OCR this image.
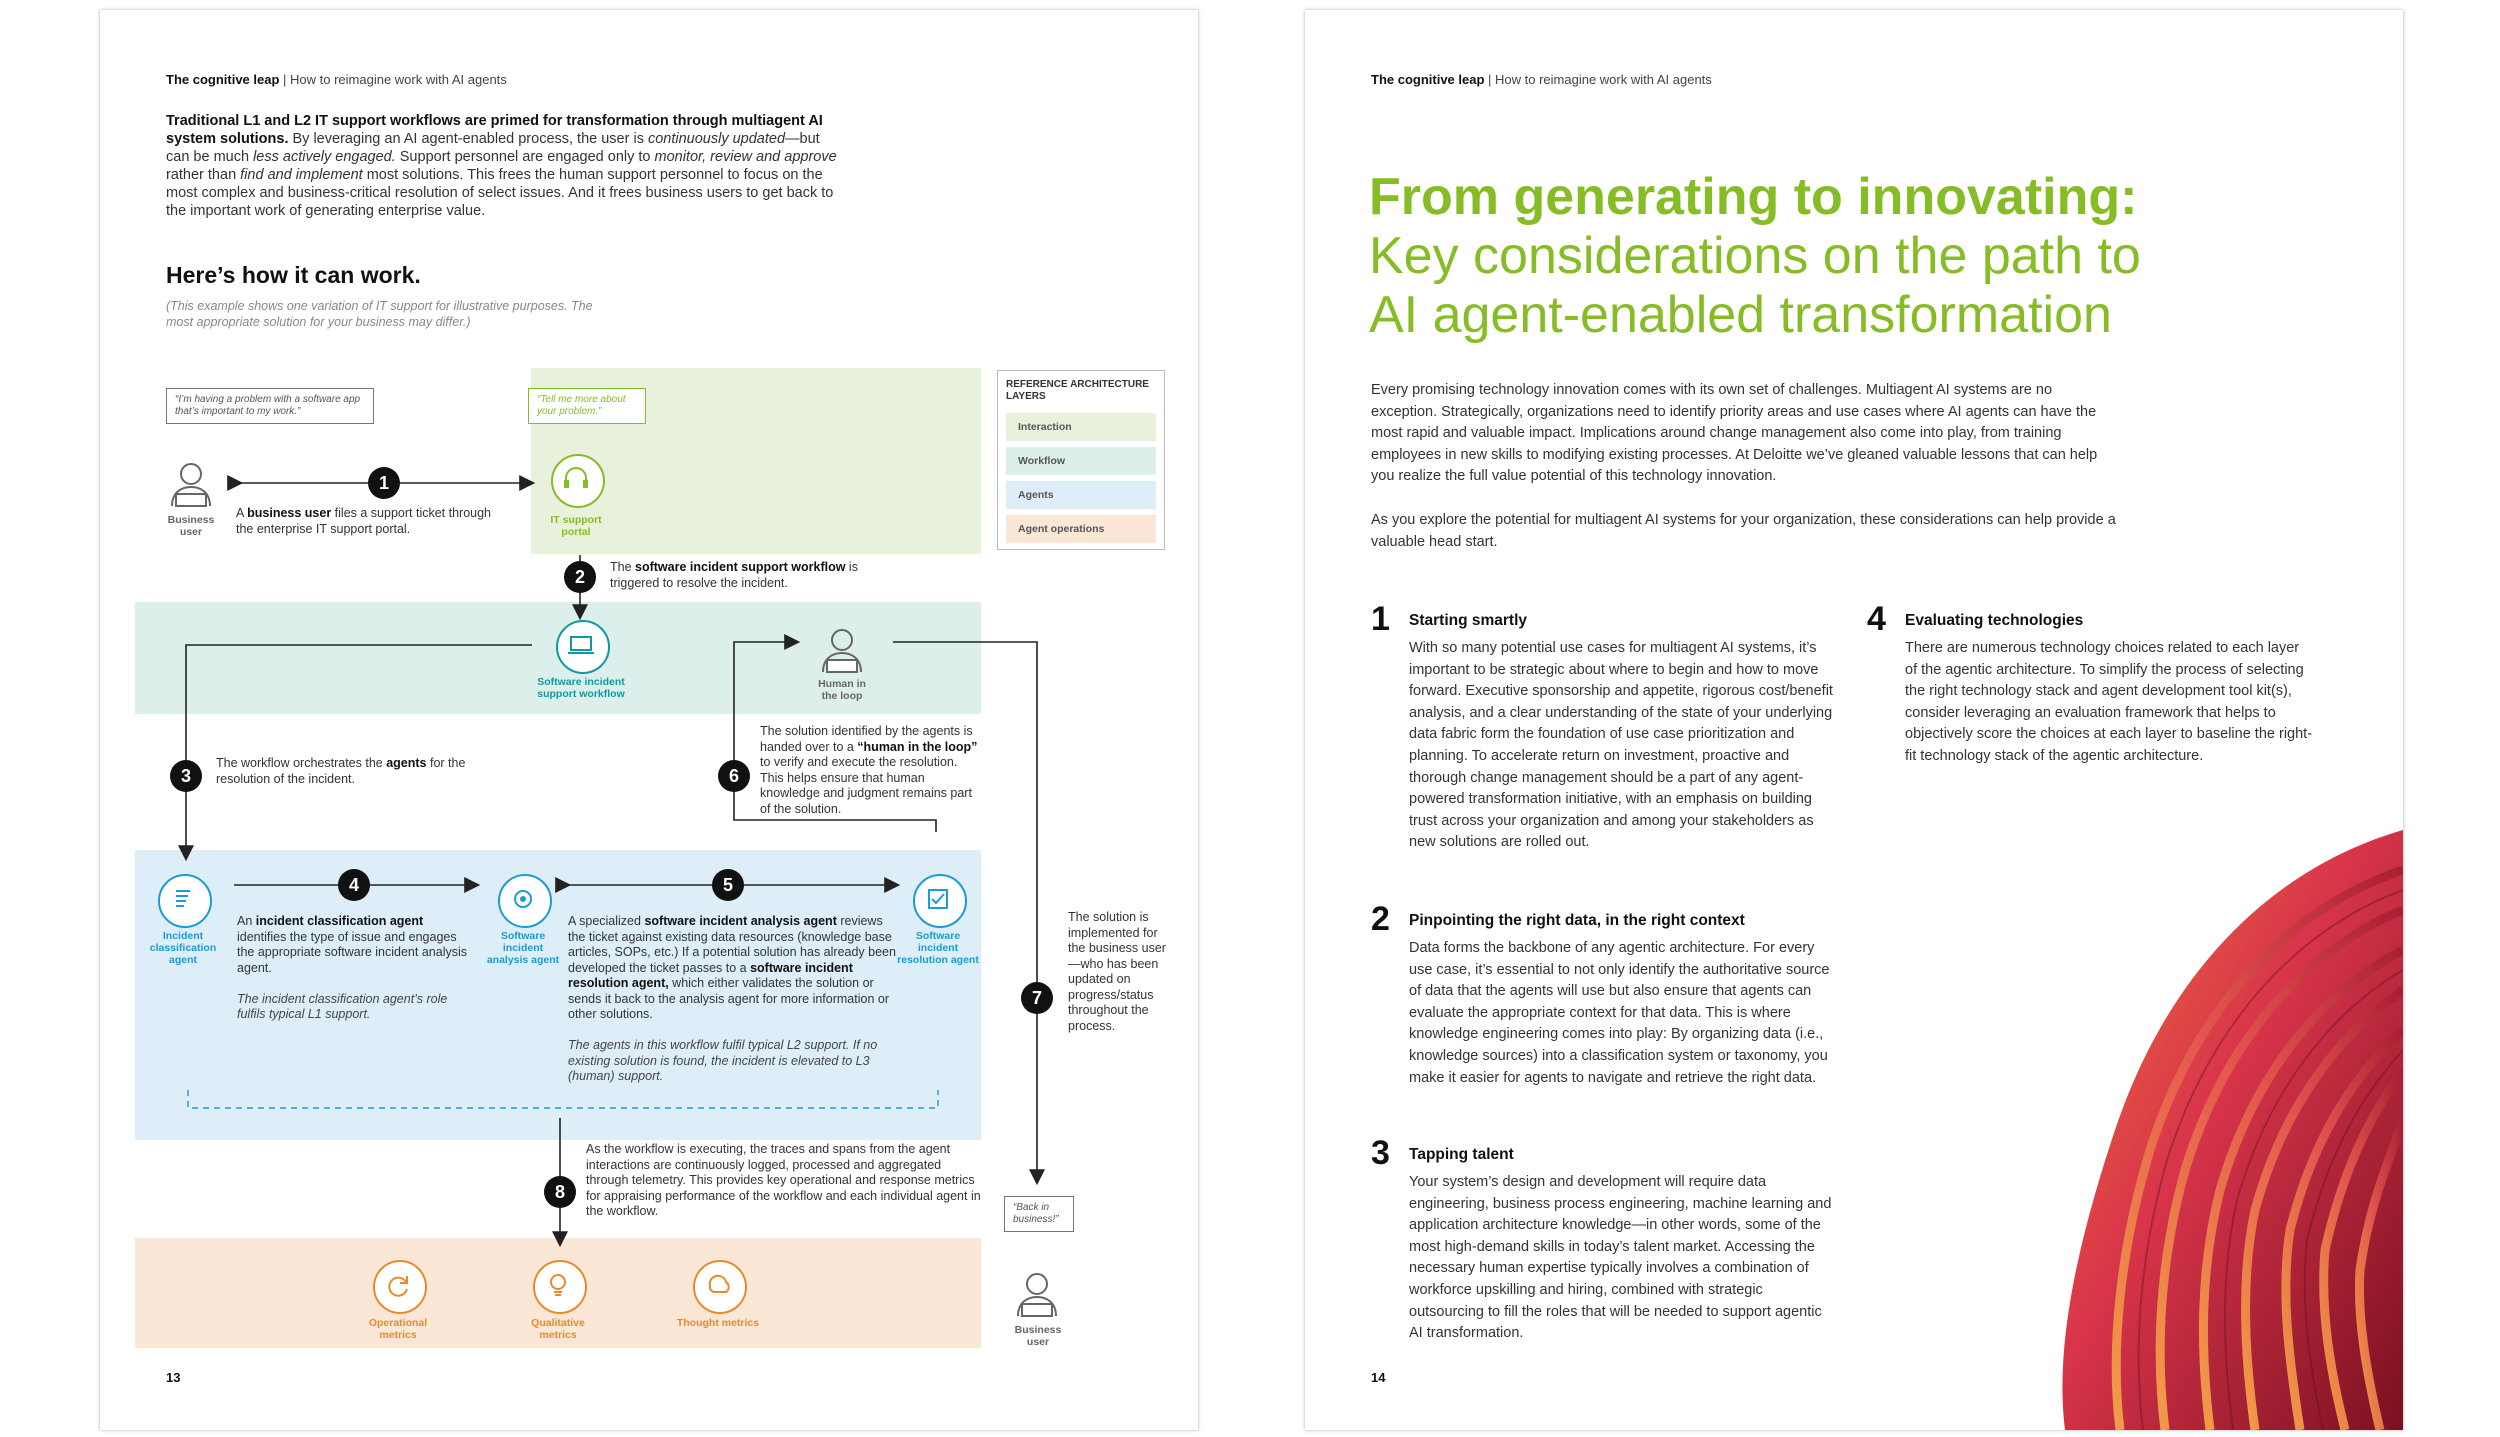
The cognitive leap | How to reimagine work with AI agents
Traditional L1 and L2 IT support workflows are primed for transformation through multiagent AI system solutions. By leveraging an AI agent-enabled process, the user is continuously updated—but can be much less actively engaged. Support personnel are engaged only to monitor, review and approve rather than find and implement most solutions. This frees the human support personnel to focus on the most complex and business-critical resolution of select issues. And it frees business users to get back to the important work of generating enterprise value.
Here’s how it can work.
(This example shows one variation of IT support for illustrative purposes. The most appropriate solution for your business may differ.)
“I’m having a problem with a software app that’s important to my work.”
“Tell me more about your problem.”
“Back in business!”
Business user
IT support portal
Software incident support workflow
Human in the loop
Incident classification agent
Software incident analysis agent
Software incident resolution agent
Operational metrics
Qualitative metrics
Thought metrics
Business user
1
2
3
4	5
6
7
8
A business user files a support ticket through the enterprise IT support portal.
The software incident support workflow is triggered to resolve the incident.
The workflow orchestrates the agents for the resolution of the incident.
An incident classification agent identifies the type of issue and engages the appropriate software incident analysis agent.

The incident classification agent’s role fulfils typical L1 support.
A specialized software incident analysis agent reviews the ticket against existing data resources (knowledge base articles, SOPs, etc.) If a potential solution has already been developed the ticket passes to a software incident resolution agent, which either validates the solution or sends it back to the analysis agent for more information or other solutions.

The agents in this workflow fulfil typical L2 support. If no existing solution is found, the incident is elevated to L3 (human) support.
The solution identified by the agents is handed over to a “human in the loop” to verify and execute the resolution. This helps ensure that human knowledge and judgment remains part of the solution.
The solution is implemented for the business user—who has been updated on progress/status throughout the process.
As the workflow is executing, the traces and spans from the agent interactions are continuously logged, processed and aggregated through telemetry. This provides key operational and response metrics for appraising performance of the workflow and each individual agent in the workflow.
REFERENCE ARCHITECTURE LAYERS
Interaction
Workflow
Agents
Agent operations
13
The cognitive leap | How to reimagine work with AI agents
From generating to innovating:
Key considerations on the path to
AI agent-enabled transformation
Every promising technology innovation comes with its own set of challenges. Multiagent AI systems are no exception. Strategically, organizations need to identify priority areas and use cases where AI agents can have the most rapid and valuable impact. Implications around change management also come into play, from training employees in new skills to modifying existing processes. At Deloitte we’ve gleaned valuable lessons that can help you realize the full value potential of this technology innovation.
As you explore the potential for multiagent AI systems for your organization, these considerations can help provide a valuable head start.
1 Starting smartly
With so many potential use cases for multiagent AI systems, it’s important to be strategic about where to begin and how to move forward. Executive sponsorship and appetite, rigorous cost/benefit analysis, and a clear understanding of the state of your underlying data fabric form the foundation of use case prioritization and planning. To accelerate return on investment, proactive and thorough change management should be a part of any agent-powered transformation initiative, with an emphasis on building trust across your organization and among your stakeholders as new solutions are rolled out.
2 Pinpointing the right data, in the right context
Data forms the backbone of any agentic architecture. For every use case, it’s essential to not only identify the authoritative source of data that the agents will use but also ensure that agents can evaluate the appropriate context for that data. This is where knowledge engineering comes into play: By organizing data (i.e., knowledge sources) into a classification system or taxonomy, you make it easier for agents to navigate and retrieve the right data.
3 Tapping talent
Your system’s design and development will require data engineering, business process engineering, machine learning and application architecture knowledge—in other words, some of the most high-demand skills in today’s talent market. Accessing the necessary human expertise typically involves a combination of workforce upskilling and hiring, combined with strategic outsourcing to fill the roles that will be needed to support agentic AI transformation.
4 Evaluating technologies
There are numerous technology choices related to each layer of the agentic architecture. To simplify the process of selecting the right technology stack and agent development tool kit(s), consider leveraging an evaluation framework that helps to objectively score the choices at each layer to baseline the right-fit technology stack of the agentic architecture.
14
